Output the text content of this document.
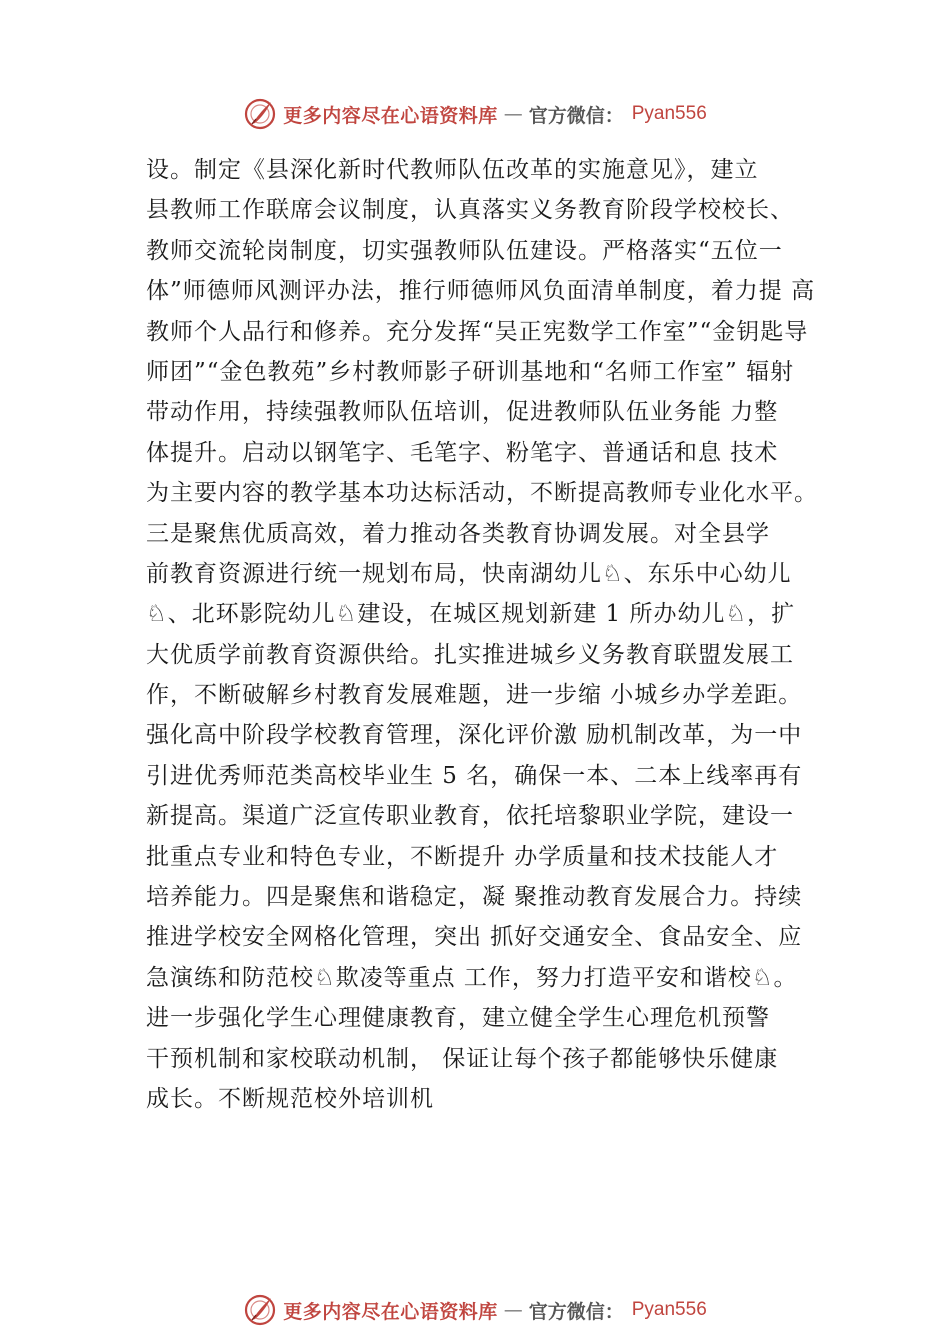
更多内容尽在心语资料库 — 官方微信： Pyan556
设。制定《县深化新时代教师队伍改革的实施意见》，建立
县教师工作联席会议制度，认真落实义务教育阶段学校校长、
教师交流轮岗制度，切实强教师队伍建设。严格落实“五位一
体”师德师风测评办法，推行师德师风负面清单制度，着力提 高
教师个人品行和修养。充分发挥“吴正宪数学工作室”“金钥匙导
师团”“金色教苑”乡村教师影子研训基地和“名师工作室” 辐射
带动作用，持续强教师队伍培训，促进教师队伍业务能 力整
体提升。启动以钢笔字、毛笔字、粉笔字、普通话和息 技术
为主要内容的教学基本功达标活动，不断提高教师专业化水平。
三是聚焦优质高效，着力推动各类教育协调发展。对全县学
前教育资源进行统一规划布局，快南湖幼儿♘、东乐中心幼儿
♘、北环影院幼儿♘建设，在城区规划新建 1 所办幼儿♘，扩
大优质学前教育资源供给。扎实推进城乡义务教育联盟发展工
作，不断破解乡村教育发展难题，进一步缩 小城乡办学差距。
强化高中阶段学校教育管理，深化评价激 励机制改革，为一中
引进优秀师范类高校毕业生 5 名，确保一本、二本上线率再有
新提高。渠道广泛宣传职业教育，依托培黎职业学院，建设一
批重点专业和特色专业，不断提升 办学质量和技术技能人才
培养能力。四是聚焦和谐稳定，凝 聚推动教育发展合力。持续
推进学校安全网格化管理，突出 抓好交通安全、食品安全、应
急演练和防范校♘欺凌等重点 工作，努力打造平安和谐校♘。
进一步强化学生心理健康教育，建立健全学生心理危机预警
干预机制和家校联动机制， 保证让每个孩子都能够快乐健康
成长。不断规范校外培训机
更多内容尽在心语资料库 — 官方微信： Pyan556
